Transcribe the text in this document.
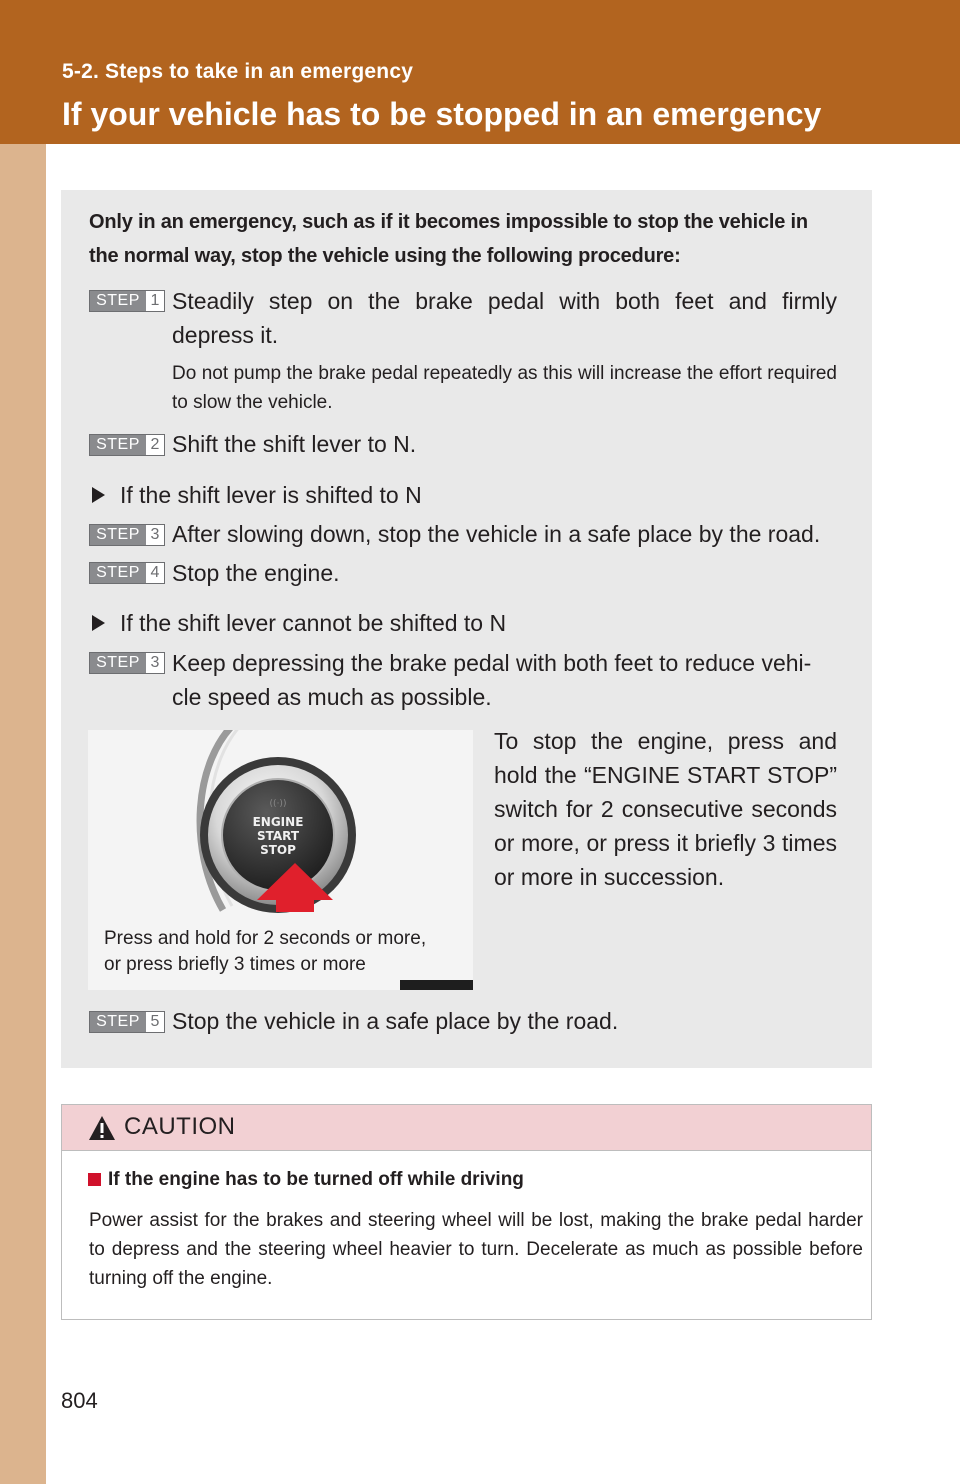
5-2. Steps to take in an emergency
If your vehicle has to be stopped in an emergency
Only in an emergency, such as if it becomes impossible to stop the vehicle in the normal way, stop the vehicle using the following procedure:
STEP 1 Steadily step on the brake pedal with both feet and firmly depress it.
Do not pump the brake pedal repeatedly as this will increase the effort required to slow the vehicle.
STEP 2 Shift the shift lever to N.
If the shift lever is shifted to N
STEP 3 After slowing down, stop the vehicle in a safe place by the road.
STEP 4 Stop the engine.
If the shift lever cannot be shifted to N
STEP 3 Keep depressing the brake pedal with both feet to reduce vehi-
cle speed as much as possible.
((·))
ENGINE
START
STOP
Press and hold for 2 seconds or more,
or press briefly 3 times or more
To stop the engine, press and hold the “ENGINE START STOP” switch for 2 consecutive seconds or more, or press it briefly 3 times or more in succession.
STEP 5 Stop the vehicle in a safe place by the road.
CAUTION
If the engine has to be turned off while driving
Power assist for the brakes and steering wheel will be lost, making the brake pedal harder to depress and the steering wheel heavier to turn. Decelerate as much as possible before turning off the engine.
804
